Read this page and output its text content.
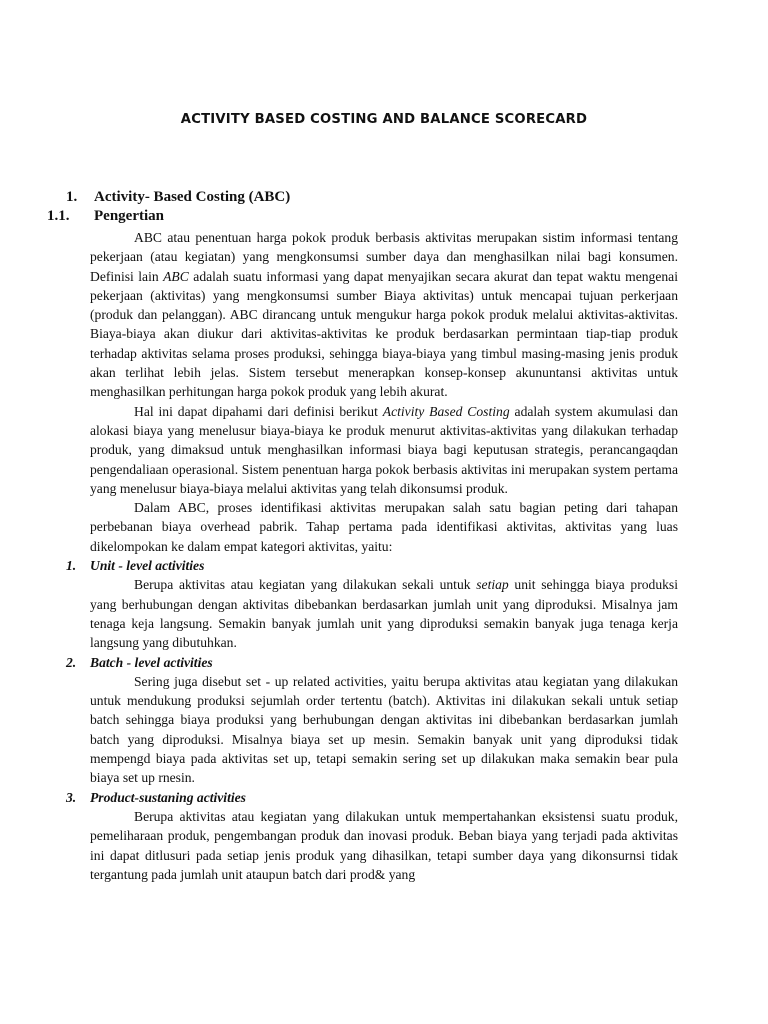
ACTIVITY BASED COSTING AND BALANCE SCORECARD
1. Activity- Based Costing (ABC)
1.1. Pengertian

ABC atau penentuan harga pokok produk berbasis aktivitas merupakan sistim informasi tentang pekerjaan (atau kegiatan) yang mengkonsumsi sumber daya dan menghasilkan nilai bagi konsumen. Definisi lain ABC adalah suatu informasi yang dapat menyajikan secara akurat dan tepat waktu mengenai pekerjaan (aktivitas) yang mengkonsumsi sumber Biaya aktivitas) untuk mencapai tujuan perkerjaan (produk dan pelanggan). ABC dirancang untuk mengukur harga pokok produk melalui aktivitas-aktivitas. Biaya-biaya akan diukur dari aktivitas-aktivitas ke produk berdasarkan permintaan tiap-tiap produk terhadap aktivitas selama proses produksi, sehingga biaya-biaya yang timbul masing-masing jenis produk akan terlihat lebih jelas. Sistem tersebut menerapkan konsep-konsep akununtansi aktivitas untuk menghasilkan perhitungan harga pokok produk yang lebih akurat.

Hal ini dapat dipahami dari definisi berikut Activity Based Costing adalah system akumulasi dan alokasi biaya yang menelusur biaya-biaya ke produk menurut aktivitas-aktivitas yang dilakukan terhadap produk, yang dimaksud untuk menghasilkan informasi biaya bagi keputusan strategis, perancangaqdan pengendaliaan operasional. Sistem penentuan harga pokok berbasis aktivitas ini merupakan system pertama yang menelusur biaya-biaya melalui aktivitas yang telah dikonsumsi produk.

Dalam ABC, proses identifikasi aktivitas merupakan salah satu bagian peting dari tahapan perbebanan biaya overhead pabrik. Tahap pertama pada identifikasi aktivitas, aktivitas yang luas dikelompokan ke dalam empat kategori aktivitas, yaitu:

1. Unit - level activities

Berupa aktivitas atau kegiatan yang dilakukan sekali untuk setiap unit sehingga biaya produksi yang berhubungan dengan aktivitas dibebankan berdasarkan jumlah unit yang diproduksi. Misalnya jam tenaga keja langsung. Semakin banyak jumlah unit yang diproduksi semakin banyak juga tenaga kerja langsung yang dibutuhkan.

2. Batch - level activities

Sering juga disebut set - up related activities, yaitu berupa aktivitas atau kegiatan yang dilakukan untuk mendukung produksi sejumlah order tertentu (batch). Aktivitas ini dilakukan sekali untuk setiap batch sehingga biaya produksi yang berhubungan dengan aktivitas ini dibebankan berdasarkan jumlah batch yang diproduksi. Misalnya biaya set up mesin. Semakin banyak unit yang diproduksi tidak mempengd biaya pada aktivitas set up, tetapi semakin sering set up dilakukan maka semakin bear pula biaya set up rnesin.

3. Product-sustaning activities

Berupa aktivitas atau kegiatan yang dilakukan untuk mempertahankan eksistensi suatu produk, pemeliharaan produk, pengembangan produk dan inovasi produk. Beban biaya yang terjadi pada aktivitas ini dapat ditlusuri pada setiap jenis produk yang dihasilkan, tetapi sumber daya yang dikonsurnsi tidak tergantung pada jumlah unit ataupun batch dari prod& yang
